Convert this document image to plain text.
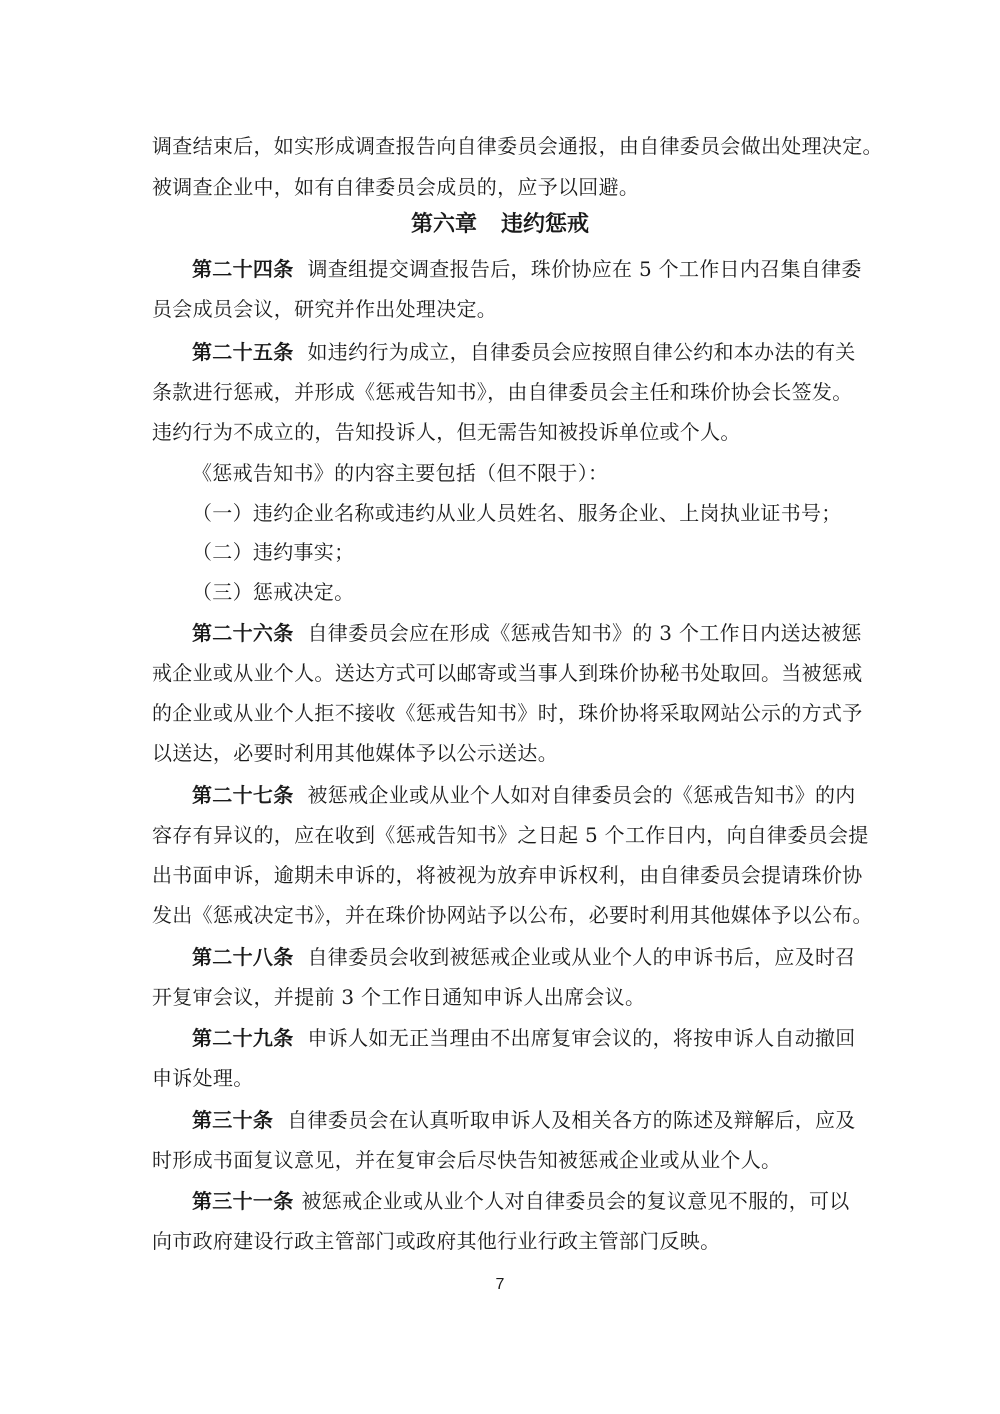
调查结束后，如实形成调查报告向自律委员会通报，由自律委员会做出处理决定。
被调查企业中，如有自律委员会成员的，应予以回避。
第六章 违约惩戒
第二十四条 调查组提交调查报告后，珠价协应在 5 个工作日内召集自律委
员会成员会议，研究并作出处理决定。
第二十五条 如违约行为成立，自律委员会应按照自律公约和本办法的有关
条款进行惩戒，并形成《惩戒告知书》，由自律委员会主任和珠价协会长签发。
违约行为不成立的，告知投诉人，但无需告知被投诉单位或个人。
《惩戒告知书》的内容主要包括（但不限于）：
（一）违约企业名称或违约从业人员姓名、服务企业、上岗执业证书号；
（二）违约事实；
（三）惩戒决定。
第二十六条 自律委员会应在形成《惩戒告知书》的 3 个工作日内送达被惩
戒企业或从业个人。送达方式可以邮寄或当事人到珠价协秘书处取回。当被惩戒
的企业或从业个人拒不接收《惩戒告知书》时，珠价协将采取网站公示的方式予
以送达，必要时利用其他媒体予以公示送达。
第二十七条 被惩戒企业或从业个人如对自律委员会的《惩戒告知书》的内
容存有异议的，应在收到《惩戒告知书》之日起 5 个工作日内，向自律委员会提
出书面申诉，逾期未申诉的，将被视为放弃申诉权利，由自律委员会提请珠价协
发出《惩戒决定书》，并在珠价协网站予以公布，必要时利用其他媒体予以公布。
第二十八条 自律委员会收到被惩戒企业或从业个人的申诉书后，应及时召
开复审会议，并提前 3 个工作日通知申诉人出席会议。
第二十九条 申诉人如无正当理由不出席复审会议的，将按申诉人自动撤回
申诉处理。
第三十条 自律委员会在认真听取申诉人及相关各方的陈述及辩解后，应及
时形成书面复议意见，并在复审会后尽快告知被惩戒企业或从业个人。
第三十一条 被惩戒企业或从业个人对自律委员会的复议意见不服的，可以
向市政府建设行政主管部门或政府其他行业行政主管部门反映。
7
